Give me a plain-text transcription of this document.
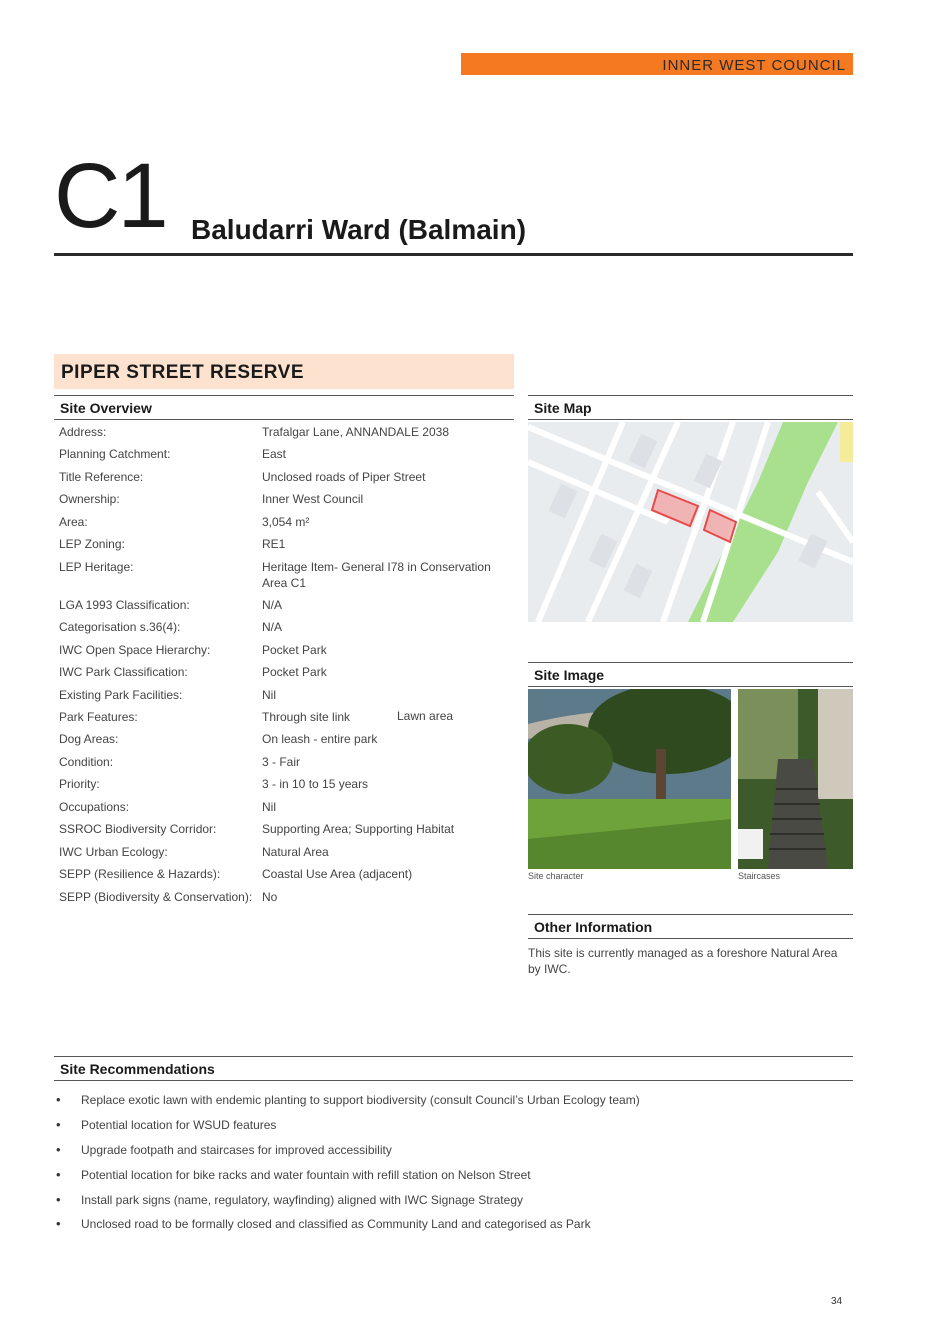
INNER WEST COUNCIL
C1 Baludarri Ward (Balmain)
PIPER STREET RESERVE
Site Overview	Site Map
Site Image
Other Information
Site Recommendations
Address:	Trafalgar Lane, ANNANDALE 2038
Planning Catchment:	East
Title Reference:	Unclosed roads of Piper Street
Ownership:	Inner West Council
Area:	3,054 m²
LEP Zoning:	RE1
LEP Heritage:	Heritage Item- General I78 in Conservation Area C1
LGA 1993 Classification:	N/A
Categorisation s.36(4):	N/A
IWC Open Space Hierarchy:	Pocket Park
IWC Park Classification:	Pocket Park
Existing Park Facilities:	Nil
Park Features:	Through site link	Lawn area
Dog Areas:	On leash - entire park
Condition:	3 - Fair
Priority:	3 - in 10 to 15 years
Occupations:	Nil
SSROC Biodiversity Corridor:	Supporting Area; Supporting Habitat
IWC Urban Ecology:	Natural Area
SEPP (Resilience & Hazards):	Coastal Use Area (adjacent)
SEPP (Biodiversity & Conservation): No
Site character	Staircases
This site is currently managed as a foreshore Natural Area by IWC.
• Replace exotic lawn with endemic planting to support biodiversity (consult Council’s Urban Ecology team)
• Potential location for WSUD features
• Upgrade footpath and staircases for improved accessibility
• Potential location for bike racks and water fountain with refill station on Nelson Street
• Install park signs (name, regulatory, wayfinding) aligned with IWC Signage Strategy
• Unclosed road to be formally closed and classified as Community Land and categorised as Park
34
